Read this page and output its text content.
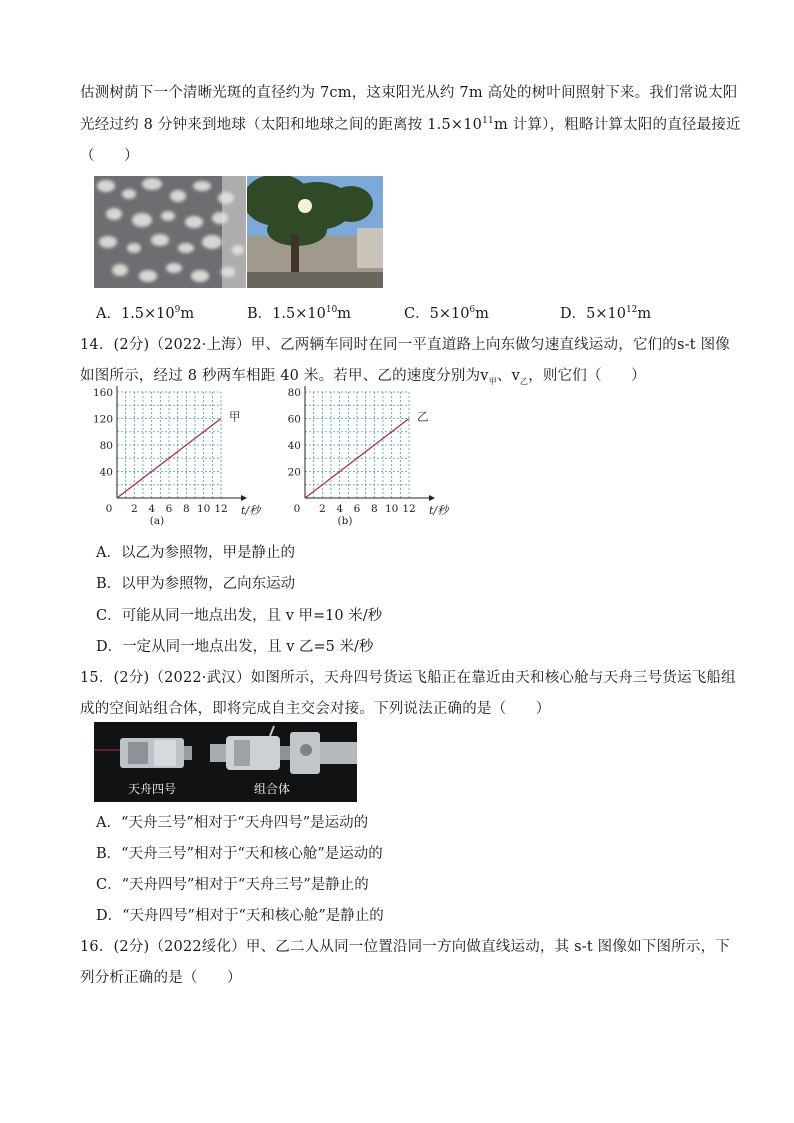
估测树荫下一个清晰光斑的直径约为 7cm，这束阳光从约 7m 高处的树叶间照射下来。我们常说太阳
光经过约 8 分钟来到地球（太阳和地球之间的距离按 $1.5\times 10^{11}m$ 计算），粗略计算太阳的直径最接近
（　　）
A．$1.5\times 10^9m$	B．$1.5\times 10^{10}m$	C．$5\times 10^6m$	D．$5\times 10^{12}m$
14．(2分)（2022·上海）甲、乙两辆车同时在同一平直道路上向东做匀速直线运动，它们的s-t 图像
如图所示，经过 8 秒两车相距 40 米。若甲、乙的速度分别为$v_甲$、$v_乙$，则它们（　　）
0 2 4 6 8 10 12
40
80
120
160
t/秒
(a)
甲
0 2 4 6 8 10 12
20
40
60
80
t/秒
(b)
乙
A．以乙为参照物，甲是静止的
B．以甲为参照物，乙向东运动
C．可能从同一地点出发，且 v 甲=10 米/秒
D．一定从同一地点出发，且 v 乙=5 米/秒
15．(2分)（2022·武汉）如图所示，天舟四号货运飞船正在靠近由天和核心舱与天舟三号货运飞船组
成的空间站组合体，即将完成自主交会对接。下列说法正确的是（　　）
天舟四号	组合体
A．“天舟三号”相对于“天舟四号”是运动的
B．“天舟三号”相对于“天和核心舱”是运动的
C．“天舟四号”相对于“天舟三号”是静止的
D．“天舟四号”相对于“天和核心舱”是静止的
16．(2分)（2022绥化）甲、乙二人从同一位置沿同一方向做直线运动，其 s-t 图像如下图所示，下
列分析正确的是（　　）
